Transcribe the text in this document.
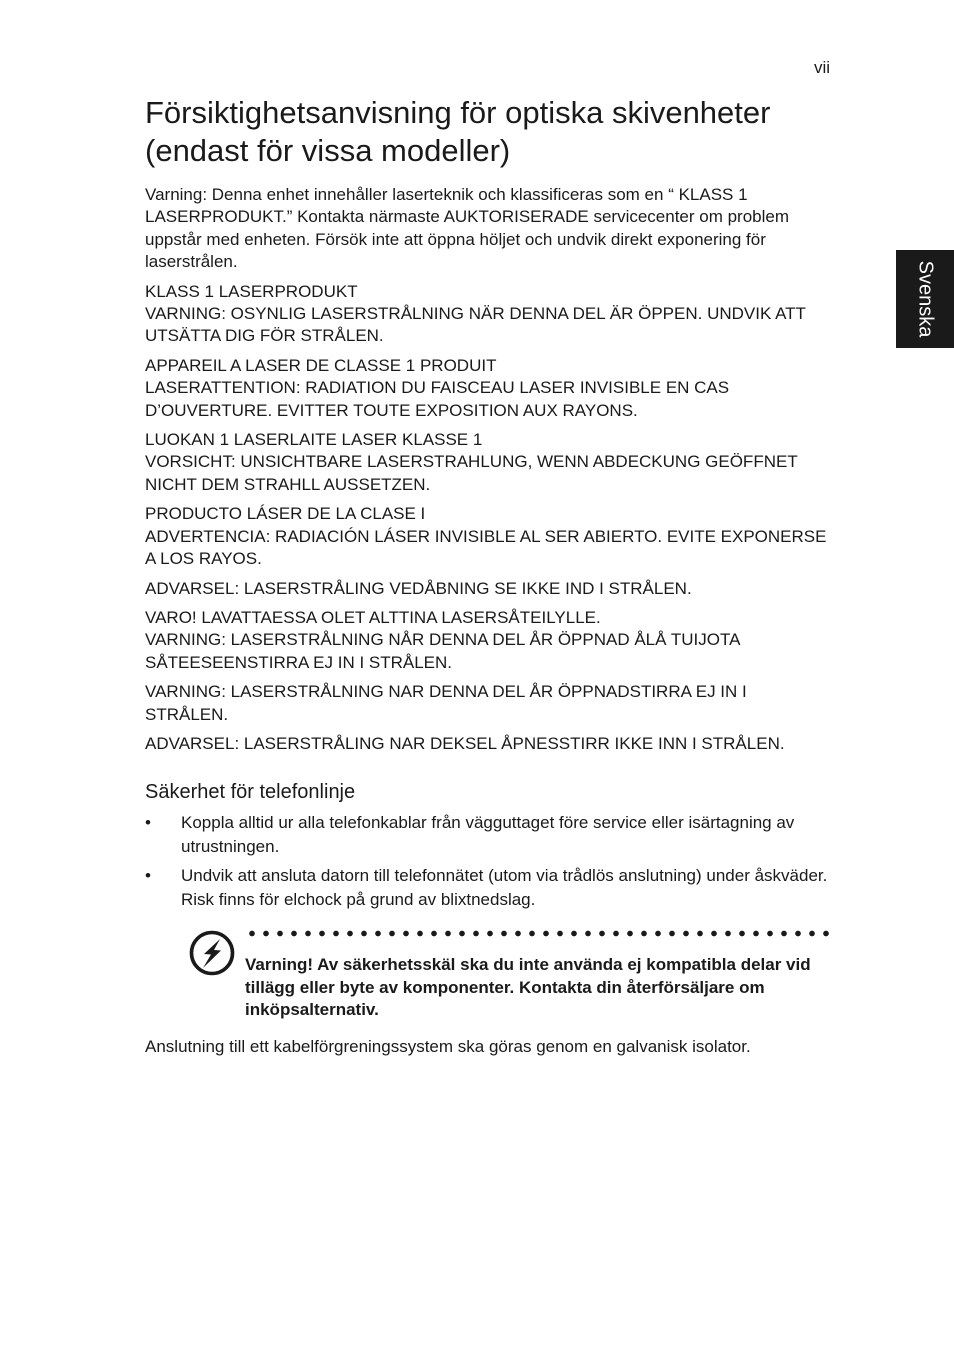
vii
Svenska
Försiktighetsanvisning för optiska skivenheter (endast för vissa modeller)

Varning: Denna enhet innehåller laserteknik och klassificeras som en “ KLASS 1 LASERPRODUKT.” Kontakta närmaste AUKTORISERADE servicecenter om problem uppstår med enheten. Försök inte att öppna höljet och undvik direkt exponering för laserstrålen.

KLASS 1 LASERPRODUKT
VARNING: OSYNLIG LASERSTRÅLNING NÄR DENNA DEL ÄR ÖPPEN. UNDVIK ATT UTSÄTTA DIG FÖR STRÅLEN.

APPAREIL A LASER DE CLASSE 1 PRODUIT
LASERATTENTION: RADIATION DU FAISCEAU LASER INVISIBLE EN CAS D’OUVERTURE. EVITTER TOUTE EXPOSITION AUX RAYONS.

LUOKAN 1 LASERLAITE LASER KLASSE 1
VORSICHT: UNSICHTBARE LASERSTRAHLUNG, WENN ABDECKUNG GEÖFFNET NICHT DEM STRAHLL AUSSETZEN.

PRODUCTO LÁSER DE LA CLASE I
ADVERTENCIA: RADIACIÓN LÁSER INVISIBLE AL SER ABIERTO. EVITE EXPONERSE A LOS RAYOS.

ADVARSEL: LASERSTRÅLING VEDÅBNING SE IKKE IND I STRÅLEN.

VARO! LAVATTAESSA OLET ALTTINA LASERSÅTEILYLLE.
VARNING: LASERSTRÅLNING NÅR DENNA DEL ÅR ÖPPNAD ÅLÅ TUIJOTA SÅTEESEENSTIRRA EJ IN I STRÅLEN.

VARNING: LASERSTRÅLNING NAR DENNA DEL ÅR ÖPPNADSTIRRA EJ IN I STRÅLEN.

ADVARSEL: LASERSTRÅLING NAR DEKSEL ÅPNESSTIRR IKKE INN I STRÅLEN.

Säkerhet för telefonlinje
• Koppla alltid ur alla telefonkablar från vägguttaget före service eller isärtagning av utrustningen.
• Undvik att ansluta datorn till telefonnätet (utom via trådlös anslutning) under åskväder. Risk finns för elchock på grund av blixtnedslag.

Varning! Av säkerhetsskäl ska du inte använda ej kompatibla delar vid tillägg eller byte av komponenter. Kontakta din återförsäljare om inköpsalternativ.

Anslutning till ett kabelförgreningssystem ska göras genom en galvanisk isolator.
